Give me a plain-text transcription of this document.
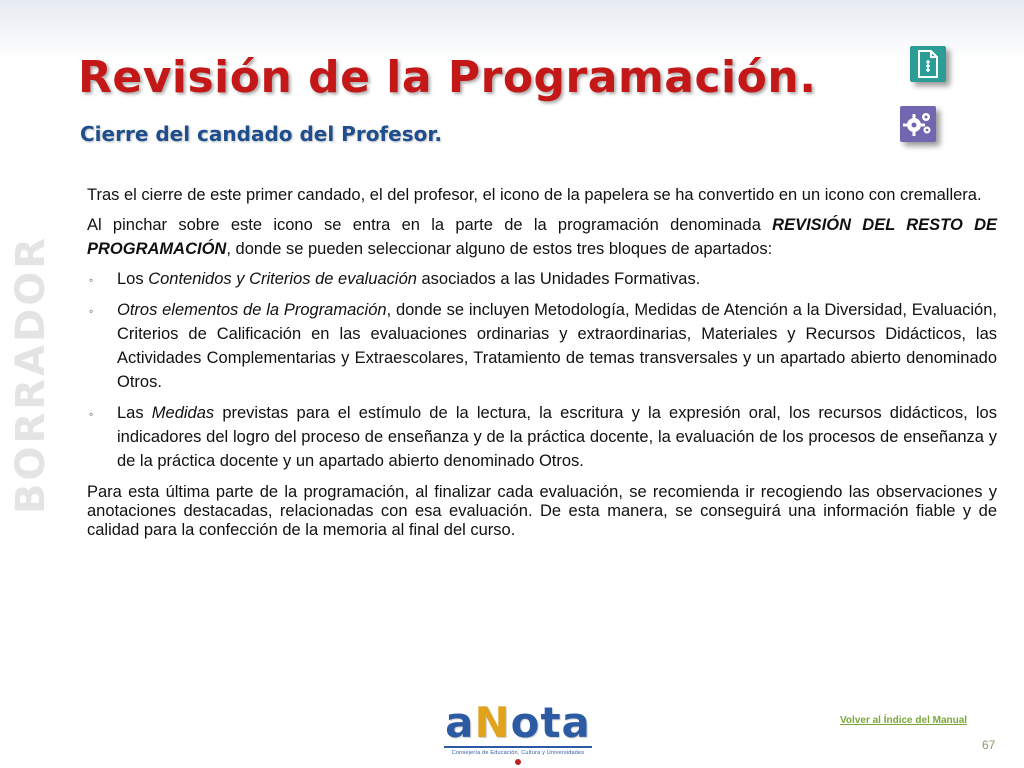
Revisión de la Programación.
Cierre del candado del Profesor.
BORRADOR

Tras el cierre de este primer candado, el del profesor, el icono de la papelera se ha convertido en un icono con cremallera.

Al pinchar sobre este icono se entra en la parte de la programación denominada REVISIÓN DEL RESTO DE PROGRAMACIÓN, donde se pueden seleccionar alguno de estos tres bloques de apartados:

◦ Los Contenidos y Criterios de evaluación asociados a las Unidades Formativas.
◦ Otros elementos de la Programación, donde se incluyen Metodología, Medidas de Atención a la Diversidad, Evaluación, Criterios de Calificación en las evaluaciones ordinarias y extraordinarias, Materiales y Recursos Didácticos, las Actividades Complementarias y Extraescolares, Tratamiento de temas transversales y un apartado abierto denominado Otros.
◦ Las Medidas previstas para el estímulo de la lectura, la escritura y la expresión oral, los recursos didácticos, los indicadores del logro del proceso de enseñanza y de la práctica docente, la evaluación de los procesos de enseñanza y de la práctica docente y un apartado abierto denominado Otros.

Para esta última parte de la programación, al finalizar cada evaluación, se recomienda ir recogiendo las observaciones y anotaciones destacadas, relacionadas con esa evaluación. De esta manera, se conseguirá una información fiable y de calidad para la confección de la memoria al final del curso.

aNota
Consejería de Educación, Cultura y Universidades
Volver al Índice del Manual
67
